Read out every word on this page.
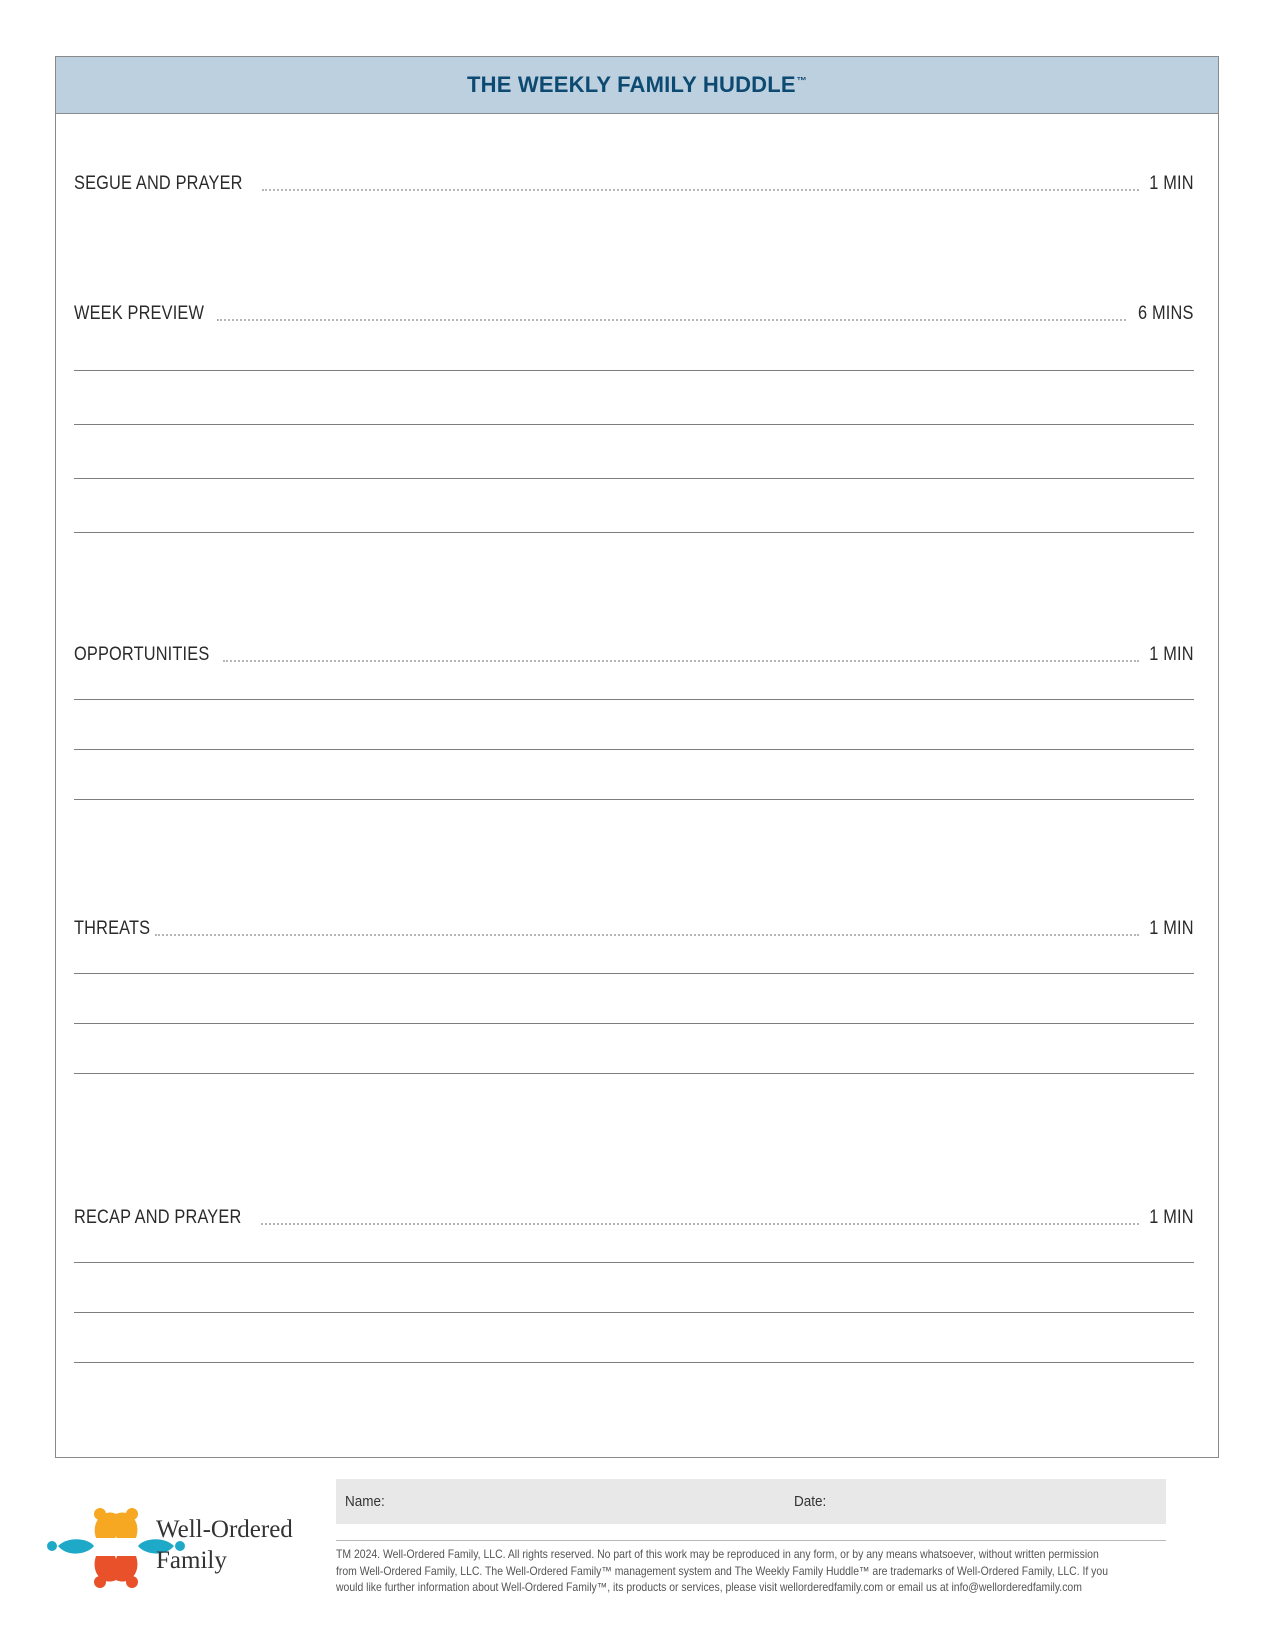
THE WEEKLY FAMILY HUDDLE™
SEGUE AND PRAYER	1 MIN
WEEK PREVIEW	6 MINS
OPPORTUNITIES	1 MIN
THREATS	1 MIN
RECAP AND PRAYER	1 MIN
Well-Ordered
Family
Name:	Date:
TM 2024. Well-Ordered Family, LLC. All rights reserved. No part of this work may be reproduced in any form, or by any means whatsoever, without written permission
from Well-Ordered Family, LLC. The Well-Ordered Family™ management system and The Weekly Family Huddle™ are trademarks of Well-Ordered Family, LLC. If you
would like further information about Well-Ordered Family™, its products or services, please visit wellorderedfamily.com or email us at info@wellorderedfamily.com
